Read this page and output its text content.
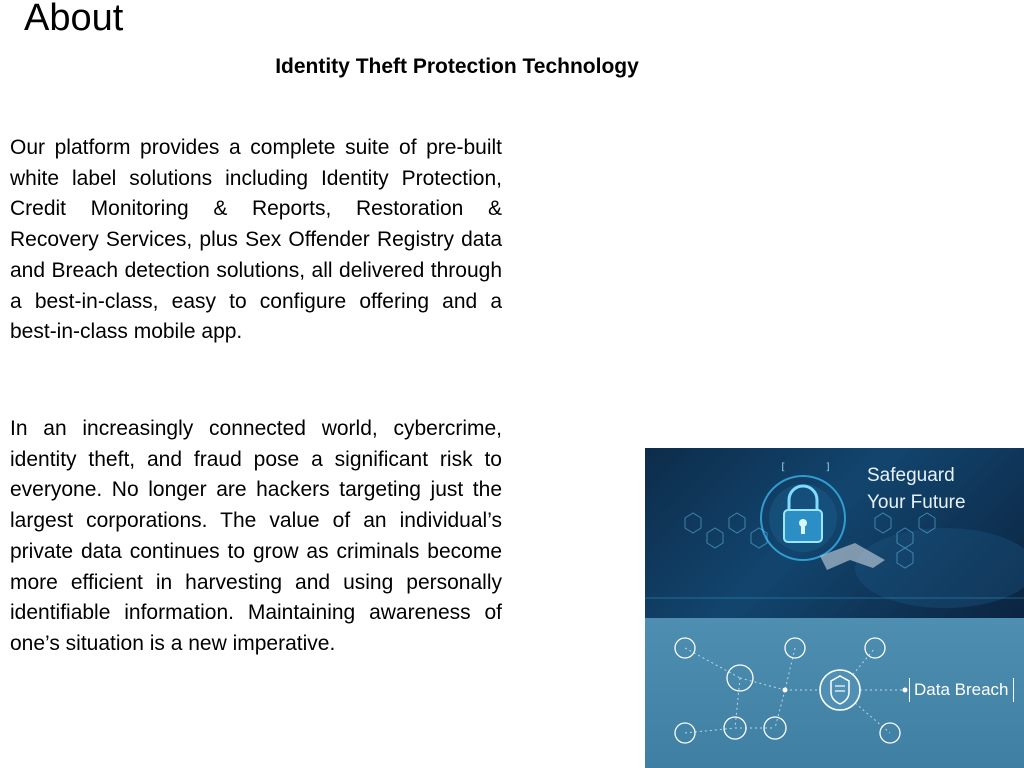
About
Identity Theft Protection Technology

Our platform provides a complete suite of pre-built white label solutions including Identity Protection, Credit Monitoring & Reports, Restoration & Recovery Services, plus Sex Offender Registry data and Breach detection solutions, all delivered through a best-in-class, easy to configure offering and a best-in-class mobile app.

In an increasingly connected world, cybercrime, identity theft, and fraud pose a significant risk to everyone. No longer are hackers targeting just the largest corporations. The value of an individual’s private data continues to grow as criminals become more efficient in harvesting and using personally identifiable information. Maintaining awareness of one’s situation is a new imperative.

[	] Safeguard
Your Future
Data Breach
